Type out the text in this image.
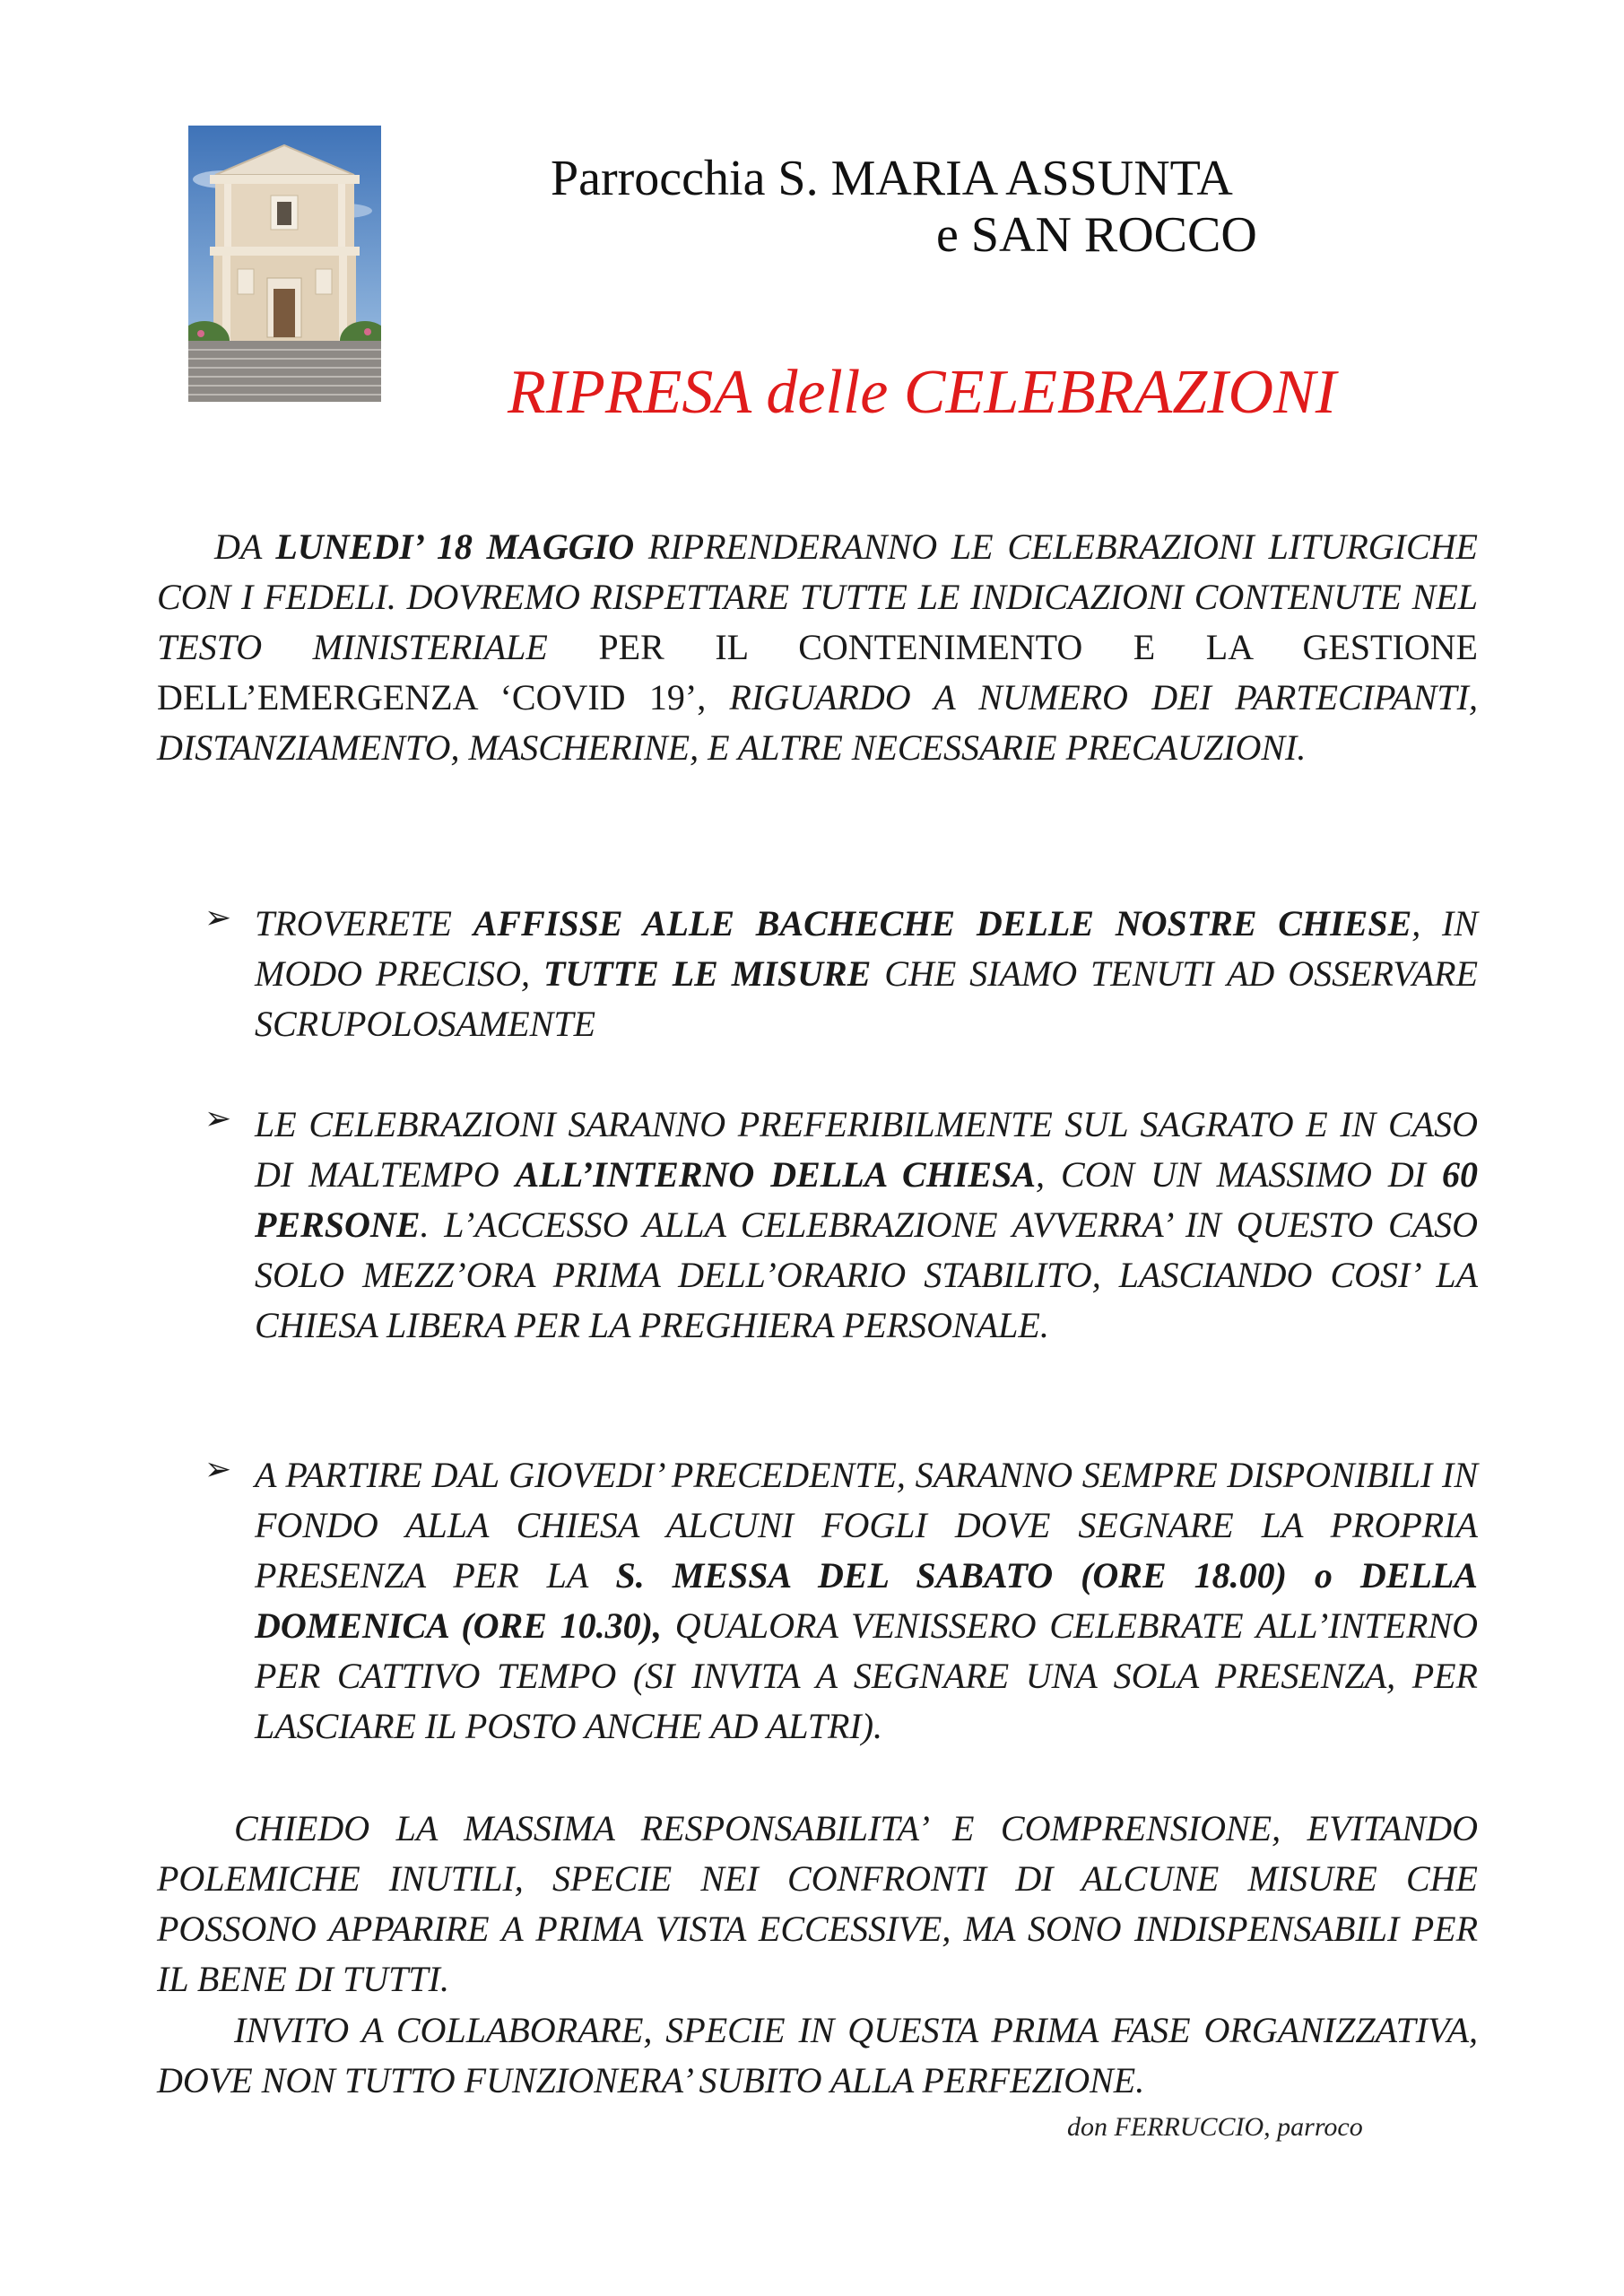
Parrocchia S. MARIA ASSUNTA
e SAN ROCCO
RIPRESA delle CELEBRAZIONI
DA LUNEDI’ 18 MAGGIO RIPRENDERANNO LE CELEBRAZIONI LITURGICHE CON I FEDELI. DOVREMO RISPETTARE TUTTE LE INDICAZIONI CONTENUTE NEL TESTO MINISTERIALE PER IL CONTENIMENTO E LA GESTIONE DELL’EMERGENZA ‘COVID 19’, RIGUARDO A NUMERO DEI PARTECIPANTI, DISTANZIAMENTO, MASCHERINE, E ALTRE NECESSARIE PRECAUZIONI.
➢ TROVERETE AFFISSE ALLE BACHECHE DELLE NOSTRE CHIESE, IN MODO PRECISO, TUTTE LE MISURE CHE SIAMO TENUTI AD OSSERVARE SCRUPOLOSAMENTE
➢ LE CELEBRAZIONI SARANNO PREFERIBILMENTE SUL SAGRATO E IN CASO DI MALTEMPO ALL’INTERNO DELLA CHIESA, CON UN MASSIMO DI 60 PERSONE. L’ACCESSO ALLA CELEBRAZIONE AVVERRA’ IN QUESTO CASO SOLO MEZZ’ORA PRIMA DELL’ORARIO STABILITO, LASCIANDO COSI’ LA CHIESA LIBERA PER LA PREGHIERA PERSONALE.
➢ A PARTIRE DAL GIOVEDI’ PRECEDENTE, SARANNO SEMPRE DISPONIBILI IN FONDO ALLA CHIESA ALCUNI FOGLI DOVE SEGNARE LA PROPRIA PRESENZA PER LA S. MESSA DEL SABATO (ORE 18.00) o DELLA DOMENICA (ORE 10.30), QUALORA VENISSERO CELEBRATE ALL’INTERNO PER CATTIVO TEMPO (SI INVITA A SEGNARE UNA SOLA PRESENZA, PER LASCIARE IL POSTO ANCHE AD ALTRI).
CHIEDO LA MASSIMA RESPONSABILITA’ E COMPRENSIONE, EVITANDO POLEMICHE INUTILI, SPECIE NEI CONFRONTI DI ALCUNE MISURE CHE POSSONO APPARIRE A PRIMA VISTA ECCESSIVE, MA SONO INDISPENSABILI PER IL BENE DI TUTTI.
INVITO A COLLABORARE, SPECIE IN QUESTA PRIMA FASE ORGANIZZATIVA, DOVE NON TUTTO FUNZIONERA’ SUBITO ALLA PERFEZIONE.
don FERRUCCIO, parroco
